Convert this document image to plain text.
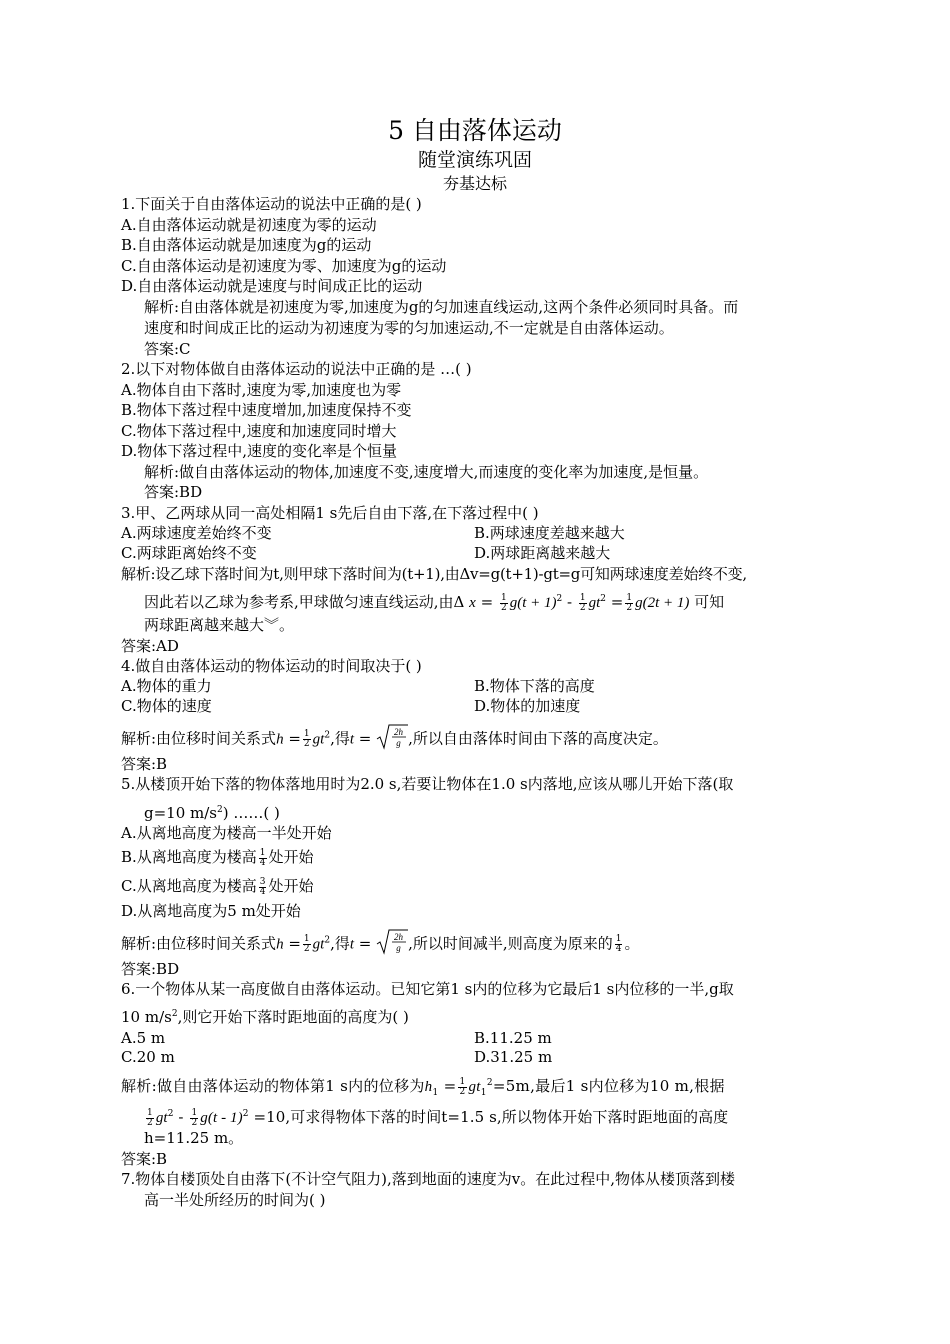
5 自由落体运动
随堂演练巩固
夯基达标
1.下面关于自由落体运动的说法中正确的是( )
A.自由落体运动就是初速度为零的运动
B.自由落体运动就是加速度为g的运动
C.自由落体运动是初速度为零、加速度为g的运动
D.自由落体运动就是速度与时间成正比的运动
解析:自由落体就是初速度为零,加速度为g的匀加速直线运动,这两个条件必须同时具备。而
速度和时间成正比的运动为初速度为零的匀加速运动,不一定就是自由落体运动。
答案:C
2.以下对物体做自由落体运动的说法中正确的是 …( )
A.物体自由下落时,速度为零,加速度也为零
B.物体下落过程中速度增加,加速度保持不变
C.物体下落过程中,速度和加速度同时增大
D.物体下落过程中,速度的变化率是个恒量
解析:做自由落体运动的物体,加速度不变,速度增大,而速度的变化率为加速度,是恒量。
答案:BD
3.甲、乙两球从同一高处相隔1 s先后自由下落,在下落过程中( )
A.两球速度差始终不变	B.两球速度差越来越大
C.两球距离始终不变	D.两球距离越来越大
解析:设乙球下落时间为t,则甲球下落时间为(t+1),由Δv=g(t+1)-gt=g可知两球速度差始终不变,
因此若以乙球为参考系,甲球做匀速直线运动,由Δ $x = \frac{1}{2} g(t + 1)^2 - \frac{1}{2} gt^2 = \frac{1}{2} g(2t + 1)$ 可知
两球距离越来越大︾。
答案:AD
4.做自由落体运动的物体运动的时间取决于( )
A.物体的重力	B.物体下落的高度
C.物体的速度	D.物体的加速度
解析:由位移时间关系式$h = \frac{1}{2} gt^2$,得t =	2h
g ,所以自由落体时间由下落的高度决定。
答案:B
5.从楼顶开始下落的物体落地用时为2.0 s,若要让物体在1.0 s内落地,应该从哪儿开始下落(取
g=10 $m/s^2$) ……( )
A.从离地高度为楼高一半处开始
B.从离地高度为楼高 $\frac{1}{4}$ 处开始
C.从离地高度为楼高 $\frac{3}{4}$ 处开始
D.从离地高度为5 m处开始
解析:由位移时间关系式$h = \frac{1}{2} gt^2$,得t =	2h
g ,所以时间减半,则高度为原来的 $\frac{1}{4}$ 。
答案:BD
6.一个物体从某一高度做自由落体运动。已知它第1 s内的位移为它最后1 s内位移的一半,g取
10 $m/s^2$,则它开始下落时距地面的高度为( )
A.5 m	B.11.25 m
C.20 m	D.31.25 m
解析:做自由落体运动的物体第1 s内的位移为$h_1 = \frac{1}{2} gt_1^2=5m$,最后1 s内位移为10 m,根据
$\frac{1}{2} gt^2 - \frac{1}{2} g(t - 1)^2 =10$,可求得物体下落的时间t=1.5 s,所以物体开始下落时距地面的高度
h=11.25 m。
答案:B
7.物体自楼顶处自由落下(不计空气阻力),落到地面的速度为v。在此过程中,物体从楼顶落到楼
高一半处所经历的时间为( )
